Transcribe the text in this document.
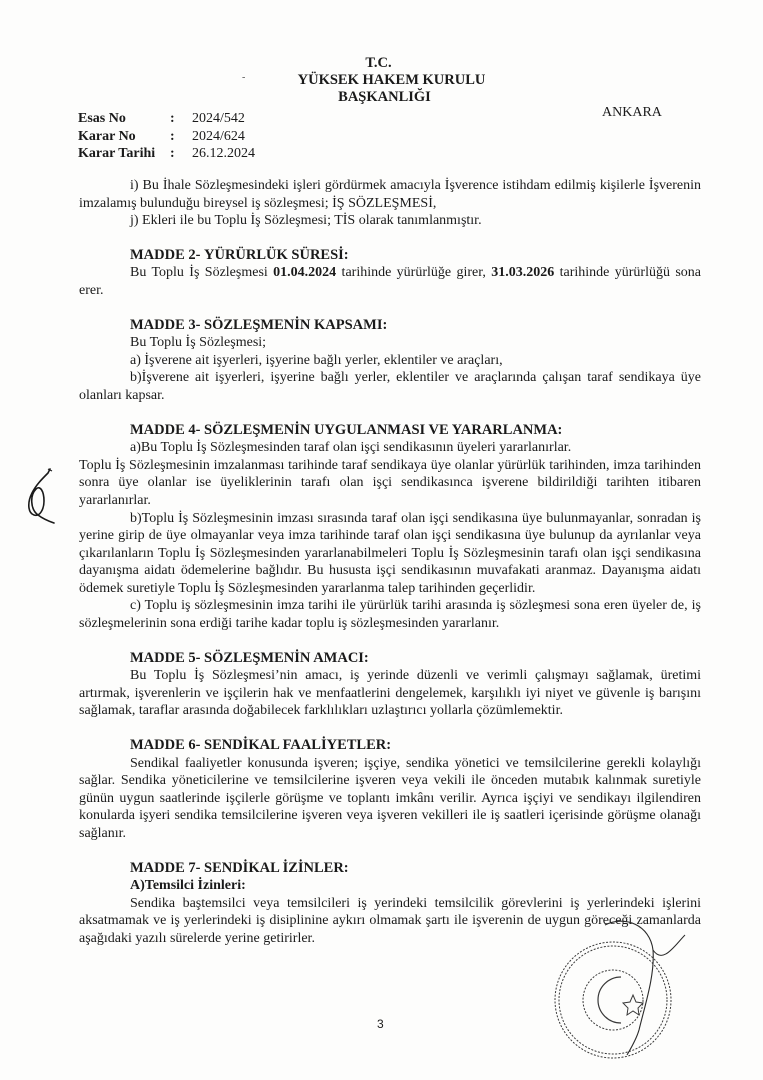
T.C.
-	YÜKSEK HAKEM KURULU
BAŞKANLIĞI
ANKARA
Esas No	:	2024/542
Karar No	:	2024/624
Karar Tarihi	:	26.12.2024

i) Bu İhale Sözleşmesindeki işleri gördürmek amacıyla İşverence istihdam edilmiş kişilerle İşverenin imzalamış bulunduğu bireysel iş sözleşmesi; İŞ SÖZLEŞMESİ,

j) Ekleri ile bu Toplu İş Sözleşmesi; TİS olarak tanımlanmıştır.

MADDE 2- YÜRÜRLÜK SÜRESİ:

Bu Toplu İş Sözleşmesi 01.04.2024 tarihinde yürürlüğe girer, 31.03.2026 tarihinde yürürlüğü sona erer.

MADDE 3- SÖZLEŞMENİN KAPSAMI:

Bu Toplu İş Sözleşmesi;

a) İşverene ait işyerleri, işyerine bağlı yerler, eklentiler ve araçları,

b)İşverene ait işyerleri, işyerine bağlı yerler, eklentiler ve araçlarında çalışan taraf sendikaya üye olanları kapsar.

MADDE 4- SÖZLEŞMENİN UYGULANMASI VE YARARLANMA:

a)Bu Toplu İş Sözleşmesinden taraf olan işçi sendikasının üyeleri yararlanırlar.

Toplu İş Sözleşmesinin imzalanması tarihinde taraf sendikaya üye olanlar yürürlük tarihinden, imza tarihinden sonra üye olanlar ise üyeliklerinin tarafı olan işçi sendikasınca işverene bildirildiği tarihten itibaren yararlanırlar.

b)Toplu İş Sözleşmesinin imzası sırasında taraf olan işçi sendikasına üye bulunmayanlar, sonradan iş yerine girip de üye olmayanlar veya imza tarihinde taraf olan işçi sendikasına üye bulunup da ayrılanlar veya çıkarılanların Toplu İş Sözleşmesinden yararlanabilmeleri Toplu İş Sözleşmesinin tarafı olan işçi sendikasına dayanışma aidatı ödemelerine bağlıdır. Bu hususta işçi sendikasının muvafakati aranmaz. Dayanışma aidatı ödemek suretiyle Toplu İş Sözleşmesinden yararlanma talep tarihinden geçerlidir.

c) Toplu iş sözleşmesinin imza tarihi ile yürürlük tarihi arasında iş sözleşmesi sona eren üyeler de, iş sözleşmelerinin sona erdiği tarihe kadar toplu iş sözleşmesinden yararlanır.

MADDE 5- SÖZLEŞMENİN AMACI:

Bu Toplu İş Sözleşmesi’nin amacı, iş yerinde düzenli ve verimli çalışmayı sağlamak, üretimi artırmak, işverenlerin ve işçilerin hak ve menfaatlerini dengelemek, karşılıklı iyi niyet ve güvenle iş barışını sağlamak, taraflar arasında doğabilecek farklılıkları uzlaştırıcı yollarla çözümlemektir.

MADDE 6- SENDİKAL FAALİYETLER:

Sendikal faaliyetler konusunda işveren; işçiye, sendika yönetici ve temsilcilerine gerekli kolaylığı sağlar. Sendika yöneticilerine ve temsilcilerine işveren veya vekili ile önceden mutabık kalınmak suretiyle günün uygun saatlerinde işçilerle görüşme ve toplantı imkânı verilir. Ayrıca işçiyi ve sendikayı ilgilendiren konularda işyeri sendika temsilcilerine işveren veya işveren vekilleri ile iş saatleri içerisinde görüşme olanağı sağlanır.

MADDE 7- SENDİKAL İZİNLER:

A)Temsilci İzinleri:

Sendika baştemsilci veya temsilcileri iş yerindeki temsilcilik görevlerini iş yerlerindeki işlerini aksatmamak ve iş yerlerindeki iş disiplinine aykırı olmamak şartı ile işverenin de uygun göreceği zamanlarda aşağıdaki yazılı sürelerde yerine getirirler.

3
